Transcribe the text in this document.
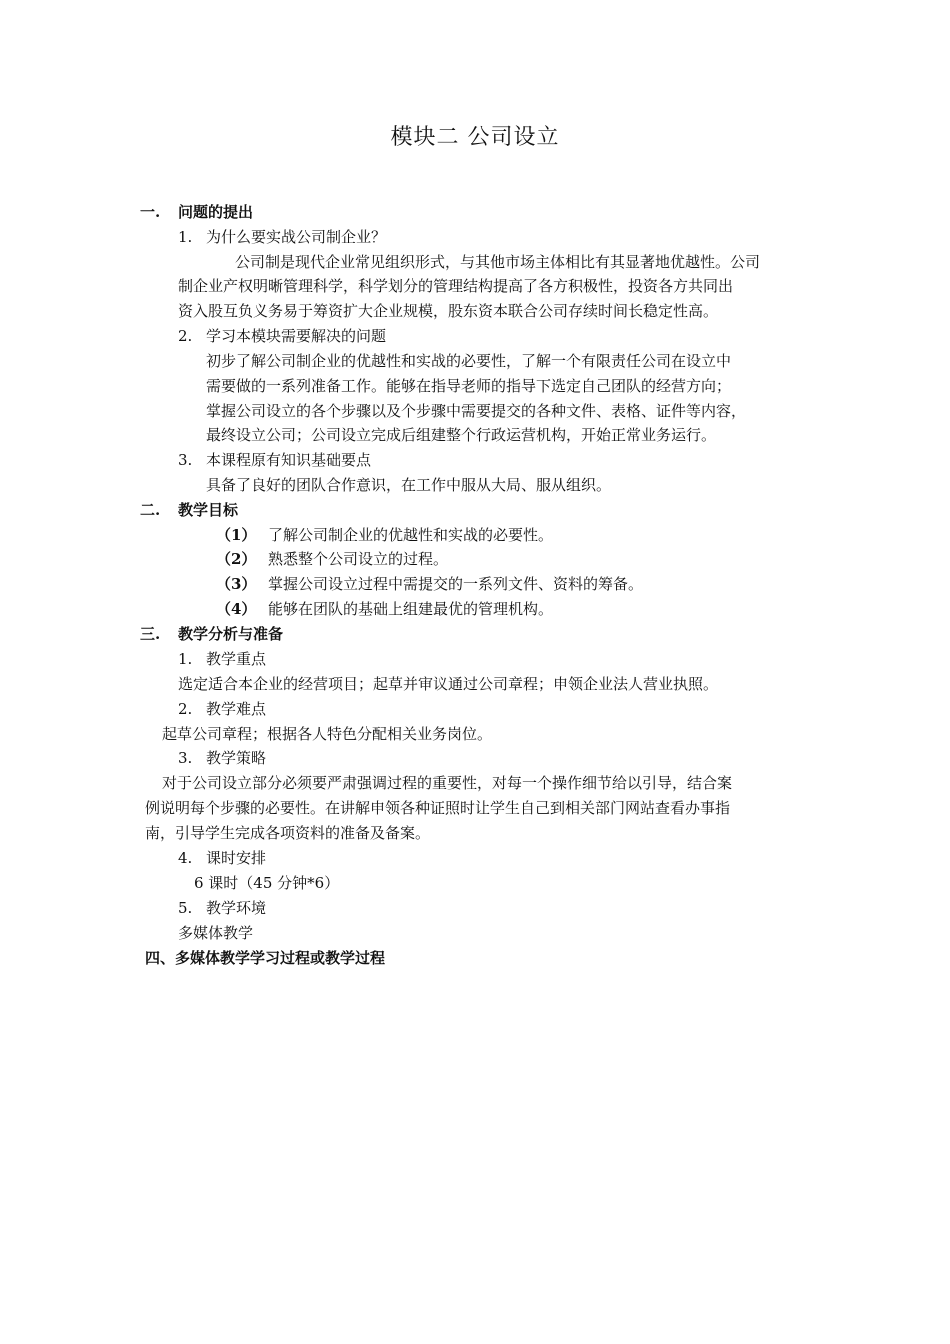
模块二 公司设立
一. 问题的提出
1. 为什么要实战公司制企业？
公司制是现代企业常见组织形式，与其他市场主体相比有其显著地优越性。公司
制企业产权明晰管理科学，科学划分的管理结构提高了各方积极性，投资各方共同出
资入股互负义务易于筹资扩大企业规模，股东资本联合公司存续时间长稳定性高。
2. 学习本模块需要解决的问题
初步了解公司制企业的优越性和实战的必要性，了解一个有限责任公司在设立中
需要做的一系列准备工作。能够在指导老师的指导下选定自己团队的经营方向；
掌握公司设立的各个步骤以及个步骤中需要提交的各种文件、表格、证件等内容，
最终设立公司；公司设立完成后组建整个行政运营机构，开始正常业务运行。
3. 本课程原有知识基础要点
具备了良好的团队合作意识，在工作中服从大局、服从组织。
二. 教学目标
（1） 了解公司制企业的优越性和实战的必要性。
（2） 熟悉整个公司设立的过程。
（3） 掌握公司设立过程中需提交的一系列文件、资料的筹备。
（4） 能够在团队的基础上组建最优的管理机构。
三. 教学分析与准备
1. 教学重点
选定适合本企业的经营项目；起草并审议通过公司章程；申领企业法人营业执照。
2. 教学难点
起草公司章程；根据各人特色分配相关业务岗位。
3. 教学策略
对于公司设立部分必须要严肃强调过程的重要性，对每一个操作细节给以引导，结合案
例说明每个步骤的必要性。在讲解申领各种证照时让学生自己到相关部门网站查看办事指
南，引导学生完成各项资料的准备及备案。
4. 课时安排
6 课时（45 分钟*6）
5. 教学环境
多媒体教学
四、多媒体教学学习过程或教学过程
